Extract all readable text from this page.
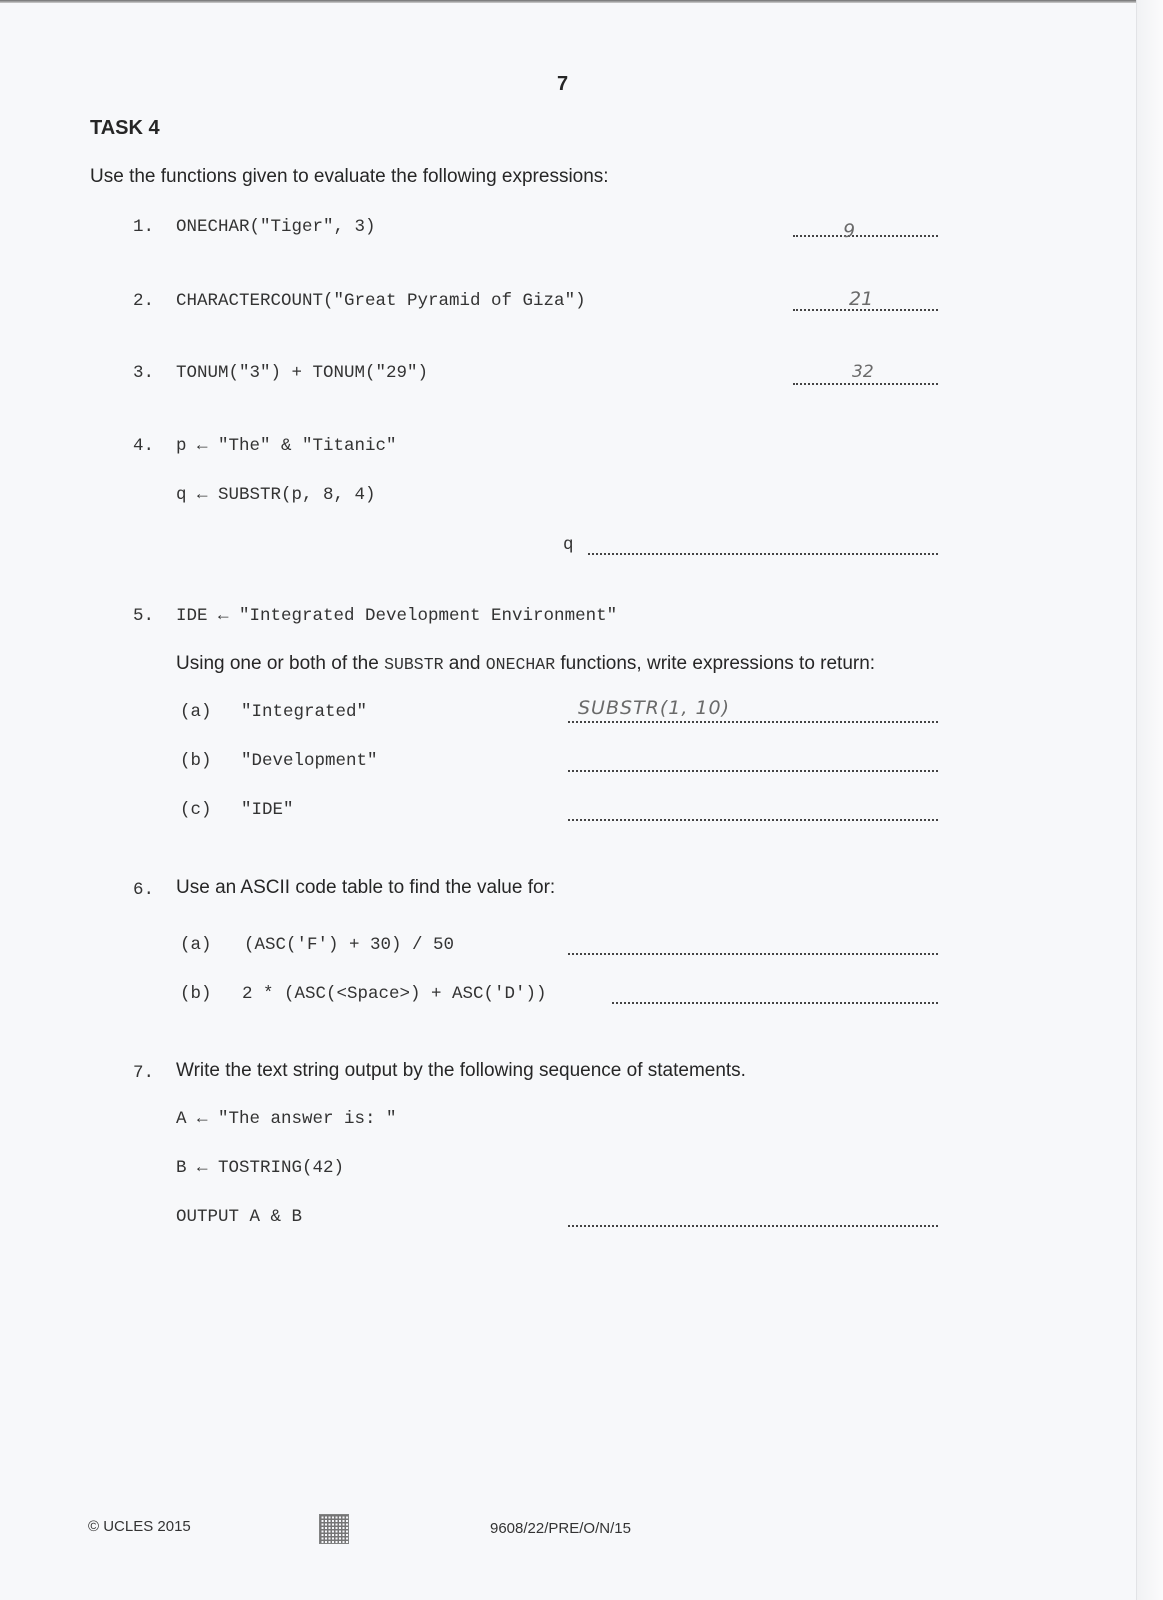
7
TASK 4
Use the functions given to evaluate the following expressions:
1. ONECHAR("Tiger", 3)	9
2. CHARACTERCOUNT("Great Pyramid of Giza")	21
3. TONUM("3") + TONUM("29")	32
4. p ← "The" & "Titanic"
q ← SUBSTR(p, 8, 4)
q
5. IDE ← "Integrated Development Environment"
Using one or both of the SUBSTR and ONECHAR functions, write expressions to return:
(a) "Integrated"	SUBSTR(1, 10)
(b) "Development"
(c) "IDE"
6. Use an ASCII code table to find the value for:
(a) (ASC('F') + 30) / 50
(b) 2 * (ASC(<Space>) + ASC('D'))
7. Write the text string output by the following sequence of statements.
A ← "The answer is: "
B ← TOSTRING(42)
OUTPUT A & B
© UCLES 2015	9608/22/PRE/O/N/15
